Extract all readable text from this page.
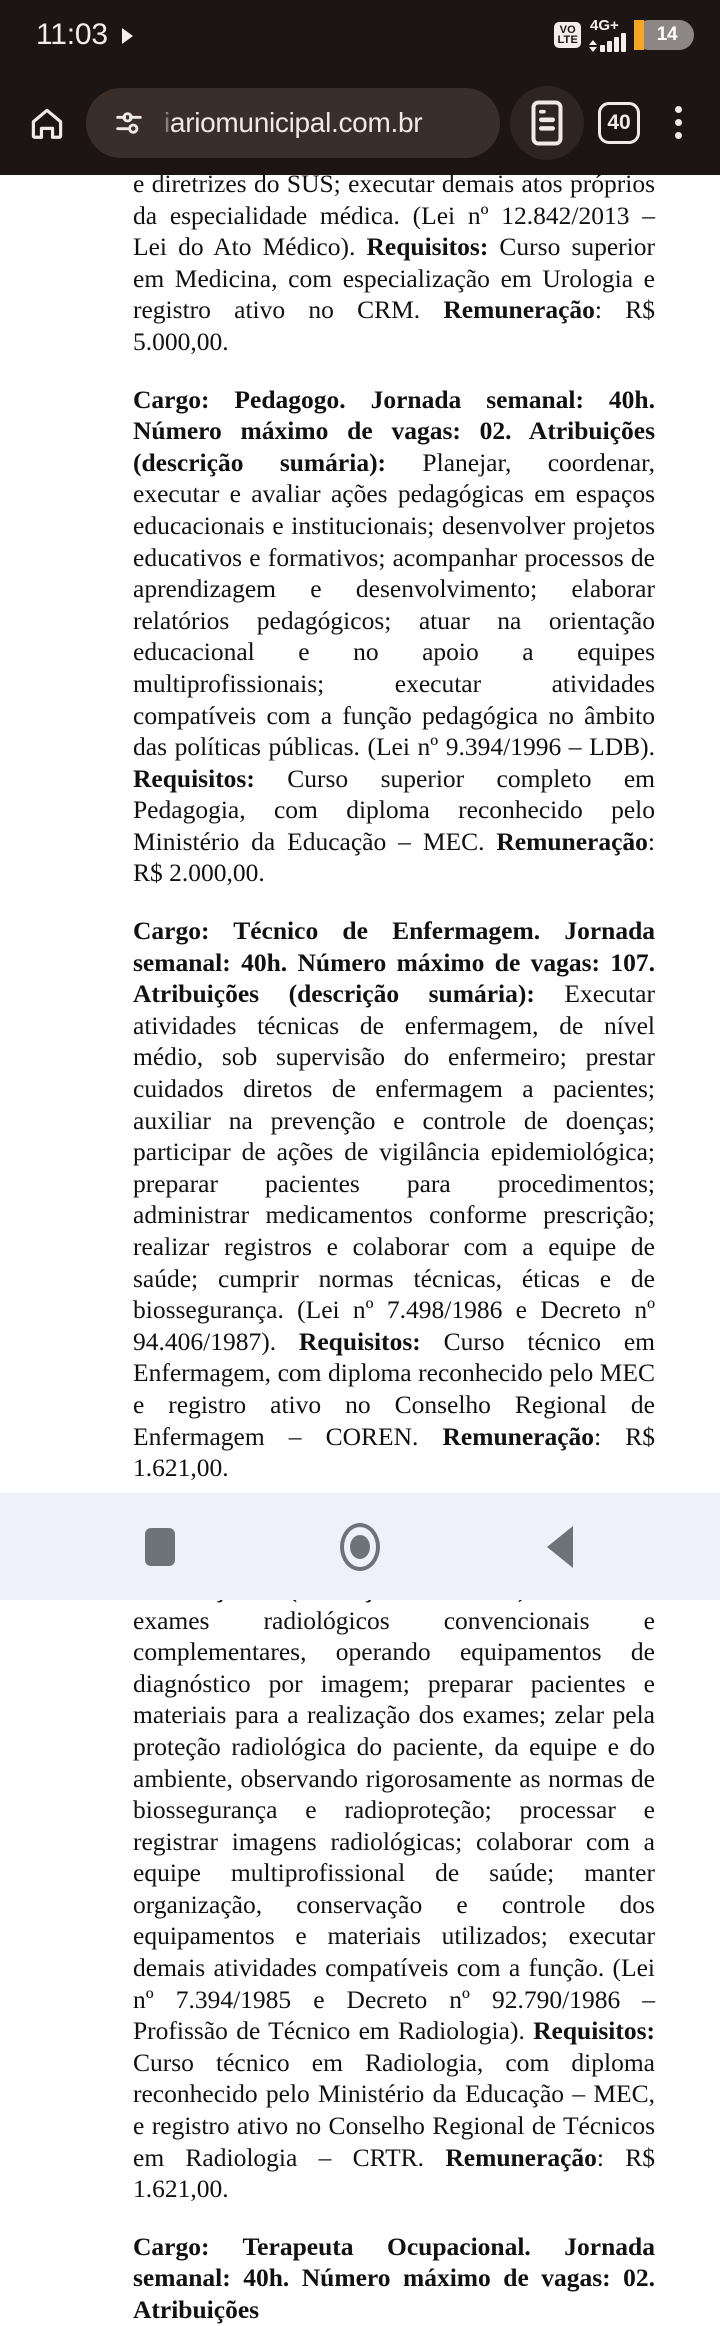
11:03	VO
LTE
4G+	14
iariomunicipal.com.br	40

e diretrizes do SUS; executar demais atos próprios da especialidade médica. (Lei nº 12.842/2013 – Lei do Ato Médico). Requisitos: Curso superior em Medicina, com especialização em Urologia e registro ativo no CRM. Remuneração: R$ 5.000,00.

Cargo: Pedagogo. Jornada semanal: 40h. Número máximo de vagas: 02. Atribuições (descrição sumária): Planejar, coordenar, executar e avaliar ações pedagógicas em espaços educacionais e institucionais; desenvolver projetos educativos e formativos; acompanhar processos de aprendizagem e desenvolvimento; elaborar relatórios pedagógicos; atuar na orientação educacional e no apoio a equipes multiprofissionais; executar atividades compatíveis com a função pedagógica no âmbito das políticas públicas. (Lei nº 9.394/1996 – LDB). Requisitos: Curso superior completo em Pedagogia, com diploma reconhecido pelo Ministério da Educação – MEC. Remuneração: R$ 2.000,00.

Cargo: Técnico de Enfermagem. Jornada semanal: 40h. Número máximo de vagas: 107. Atribuições (descrição sumária): Executar atividades técnicas de enfermagem, de nível médio, sob supervisão do enfermeiro; prestar cuidados diretos de enfermagem a pacientes; auxiliar na prevenção e controle de doenças; participar de ações de vigilância epidemiológica; preparar pacientes para procedimentos; administrar medicamentos conforme prescrição; realizar registros e colaborar com a equipe de saúde; cumprir normas técnicas, éticas e de biossegurança. (Lei nº 7.498/1986 e Decreto nº 94.406/1987). Requisitos: Curso técnico em Enfermagem, com diploma reconhecido pelo MEC e registro ativo no Conselho Regional de Enfermagem – COREN. Remuneração: R$ 1.621,00.

exames radiológicos convencionais e complementares, operando equipamentos de diagnóstico por imagem; preparar pacientes e materiais para a realização dos exames; zelar pela proteção radiológica do paciente, da equipe e do ambiente, observando rigorosamente as normas de biossegurança e radioproteção; processar e registrar imagens radiológicas; colaborar com a equipe multiprofissional de saúde; manter organização, conservação e controle dos equipamentos e materiais utilizados; executar demais atividades compatíveis com a função. (Lei nº 7.394/1985 e Decreto nº 92.790/1986 – Profissão de Técnico em Radiologia). Requisitos: Curso técnico em Radiologia, com diploma reconhecido pelo Ministério da Educação – MEC, e registro ativo no Conselho Regional de Técnicos em Radiologia – CRTR. Remuneração: R$ 1.621,00.

Cargo: Terapeuta Ocupacional. Jornada semanal: 40h. Número máximo de vagas: 02. Atribuições
